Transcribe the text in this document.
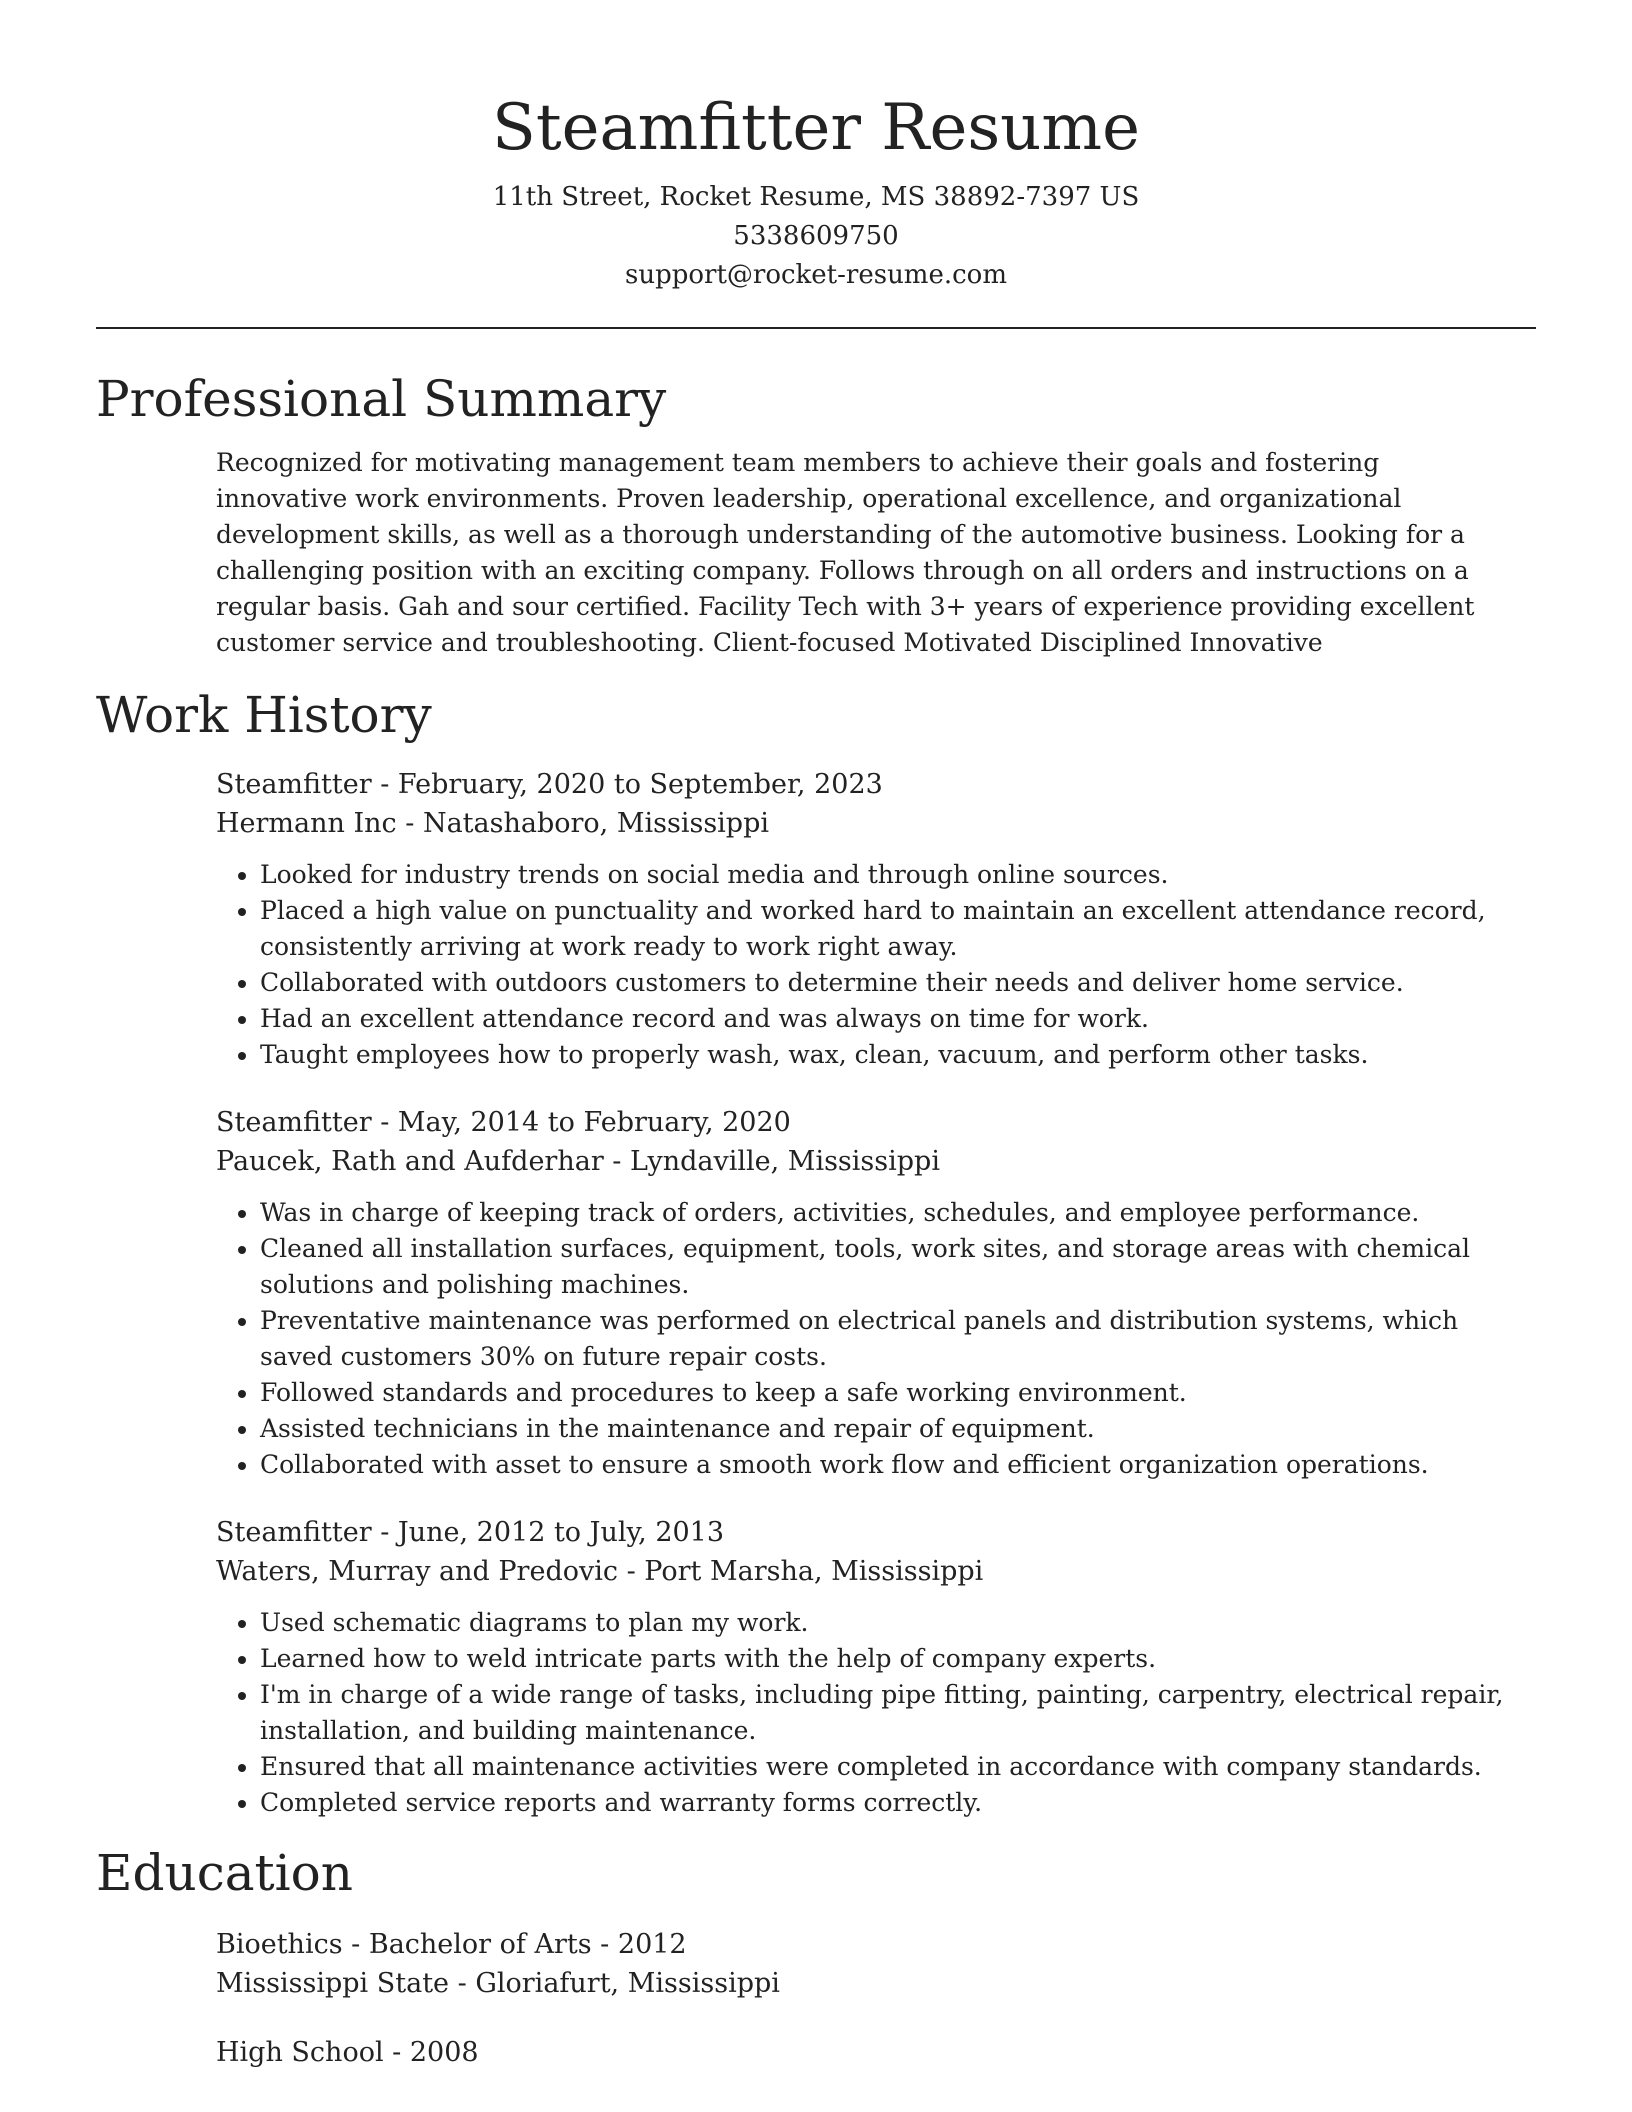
Steamfitter Resume

11th Street, Rocket Resume, MS 38892-7397 US

5338609750

support@rocket-resume.com

Professional Summary

Recognized for motivating management team members to achieve their goals and fostering innovative work environments. Proven leadership, operational excellence, and organizational development skills, as well as a thorough understanding of the automotive business. Looking for a challenging position with an exciting company. Follows through on all orders and instructions on a regular basis. Gah and sour certified. Facility Tech with 3+ years of experience providing excellent customer service and troubleshooting. Client-focused Motivated Disciplined Innovative

Work History
Steamfitter - February, 2020 to September, 2023
Hermann Inc - Natashaboro, Mississippi
• Looked for industry trends on social media and through online sources.
• Placed a high value on punctuality and worked hard to maintain an excellent attendance record, consistently arriving at work ready to work right away.
• Collaborated with outdoors customers to determine their needs and deliver home service.
• Had an excellent attendance record and was always on time for work.
• Taught employees how to properly wash, wax, clean, vacuum, and perform other tasks.
Steamfitter - May, 2014 to February, 2020
Paucek, Rath and Aufderhar - Lyndaville, Mississippi
• Was in charge of keeping track of orders, activities, schedules, and employee performance.
• Cleaned all installation surfaces, equipment, tools, work sites, and storage areas with chemical solutions and polishing machines.
• Preventative maintenance was performed on electrical panels and distribution systems, which saved customers 30% on future repair costs.
• Followed standards and procedures to keep a safe working environment.
• Assisted technicians in the maintenance and repair of equipment.
• Collaborated with asset to ensure a smooth work flow and efficient organization operations.
Steamfitter - June, 2012 to July, 2013
Waters, Murray and Predovic - Port Marsha, Mississippi
• Used schematic diagrams to plan my work.
• Learned how to weld intricate parts with the help of company experts.
• I'm in charge of a wide range of tasks, including pipe fitting, painting, carpentry, electrical repair, installation, and building maintenance.
• Ensured that all maintenance activities were completed in accordance with company standards.
• Completed service reports and warranty forms correctly.
Education
Bioethics - Bachelor of Arts - 2012
Mississippi State - Gloriafurt, Mississippi
High School - 2008
